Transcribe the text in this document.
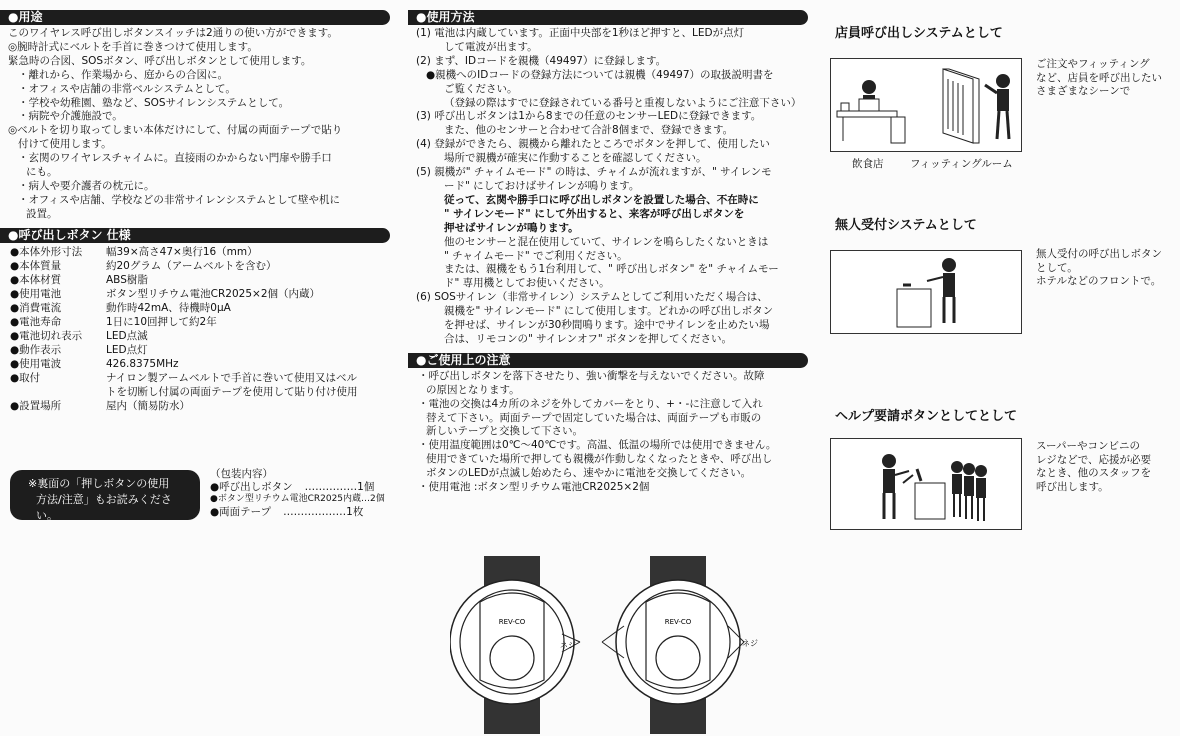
●用途

このワイヤレス呼び出しボタンスイッチは2通りの使い方ができます。

◎腕時計式にベルトを手首に巻きつけて使用します。

緊急時の合図、SOSボタン、呼び出しボタンとして使用します。

・離れから、作業場から、庭からの合図に。

・オフィスや店舗の非常ベルシステムとして。

・学校や幼稚園、塾など、SOSサイレンシステムとして。

・病院や介護施設で。

◎ベルトを切り取ってしまい本体だけにして、付属の両面テープで貼り

付けて使用します。

・玄関のワイヤレスチャイムに。直接雨のかからない門扉や勝手口

にも。

・病人や要介護者の枕元に。

・オフィスや店舗、学校などの非常サイレンシステムとして壁や机に

設置。

●呼び出しボタン 仕様
●本体外形寸法	幅39×高さ47×奥行16（mm）
●本体質量	約20グラム（アームベルトを含む）
●本体材質	ABS樹脂
●使用電池	ボタン型リチウム電池CR2025×2個（内蔵）
●消費電流	動作時42mA、待機時0μA
●電池寿命	1日に10回押して約2年
●電池切れ表示	LED点滅
●動作表示	LED点灯
●使用電波	426.8375MHz
●取付	ナイロン製アームベルトで手首に巻いて使用又はベル
トを切断し付属の両面テープを使用して貼り付け使用
●設置場所	屋内（簡易防水）
※裏面の「押しボタンの使用
方法/注意」もお読みください。
（包装内容）
●呼び出しボタン ……………1個
●ボタン型リチウム電池CR2025内蔵 …2個
●両面テープ ………………1枚
●使用方法

(1) 電池は内蔵しています。正面中央部を1秒ほど押すと、LEDが点灯

して電波が出ます。

(2) まず、IDコードを親機（49497）に登録します。

●親機へのIDコードの登録方法については親機（49497）の取扱説明書を

ご覧ください。

（登録の際はすでに登録されている番号と重複しないようにご注意下さい）

(3) 呼び出しボタンは1から8までの任意のセンサーLEDに登録できます。

また、他のセンサーと合わせて合計8個まで、登録できます。

(4) 登録ができたら、親機から離れたところでボタンを押して、使用したい

場所で親機が確実に作動することを確認してください。

(5) 親機が" チャイムモード" の時は、チャイムが流れますが、" サイレンモ

ード" にしておけばサイレンが鳴ります。

従って、玄関や勝手口に呼び出しボタンを設置した場合、不在時に

" サイレンモード" にして外出すると、来客が呼び出しボタンを

押せばサイレンが鳴ります。

他のセンサーと混在使用していて、サイレンを鳴らしたくないときは

" チャイムモード" でご利用ください。

または、親機をもう1台利用して、" 呼び出しボタン" を" チャイムモー

ド" 専用機としてお使いください。

(6) SOSサイレン（非常サイレン）システムとしてご利用いただく場合は、

親機を" サイレンモード" にして使用します。どれかの呼び出しボタン

を押せば、サイレンが30秒間鳴ります。途中でサイレンを止めたい場

合は、リモコンの" サイレンオフ" ボタンを押してください。

●ご使用上の注意

・呼び出しボタンを落下させたり、強い衝撃を与えないでください。故障

の原因となります。

・電池の交換は4カ所のネジを外してカバーをとり、+・-に注意して入れ

替えて下さい。両面テープで固定していた場合は、両面テープも市販の

新しいテープと交換して下さい。

・使用温度範囲は0℃〜40℃です。高温、低温の場所では使用できません。

使用できていた場所で押しても親機が作動しなくなったときや、呼び出し

ボタンのLEDが点滅し始めたら、速やかに電池を交換してください。

・使用電池 :ボタン型リチウム電池CR2025×2個

REV-CO
ネジ
REV-CO
ネジ
店員呼び出しシステムとして
飲食店	フィッティングルーム
ご注文やフィッティング
など、店員を呼び出したい
さまざまなシーンで
無人受付システムとして
無人受付の呼び出しボタン
として。
ホテルなどのフロントで。
ヘルプ要請ボタンとしてとして
スーパーやコンビニの
レジなどで、応援が必要
なとき、他のスタッフを
呼び出します。
